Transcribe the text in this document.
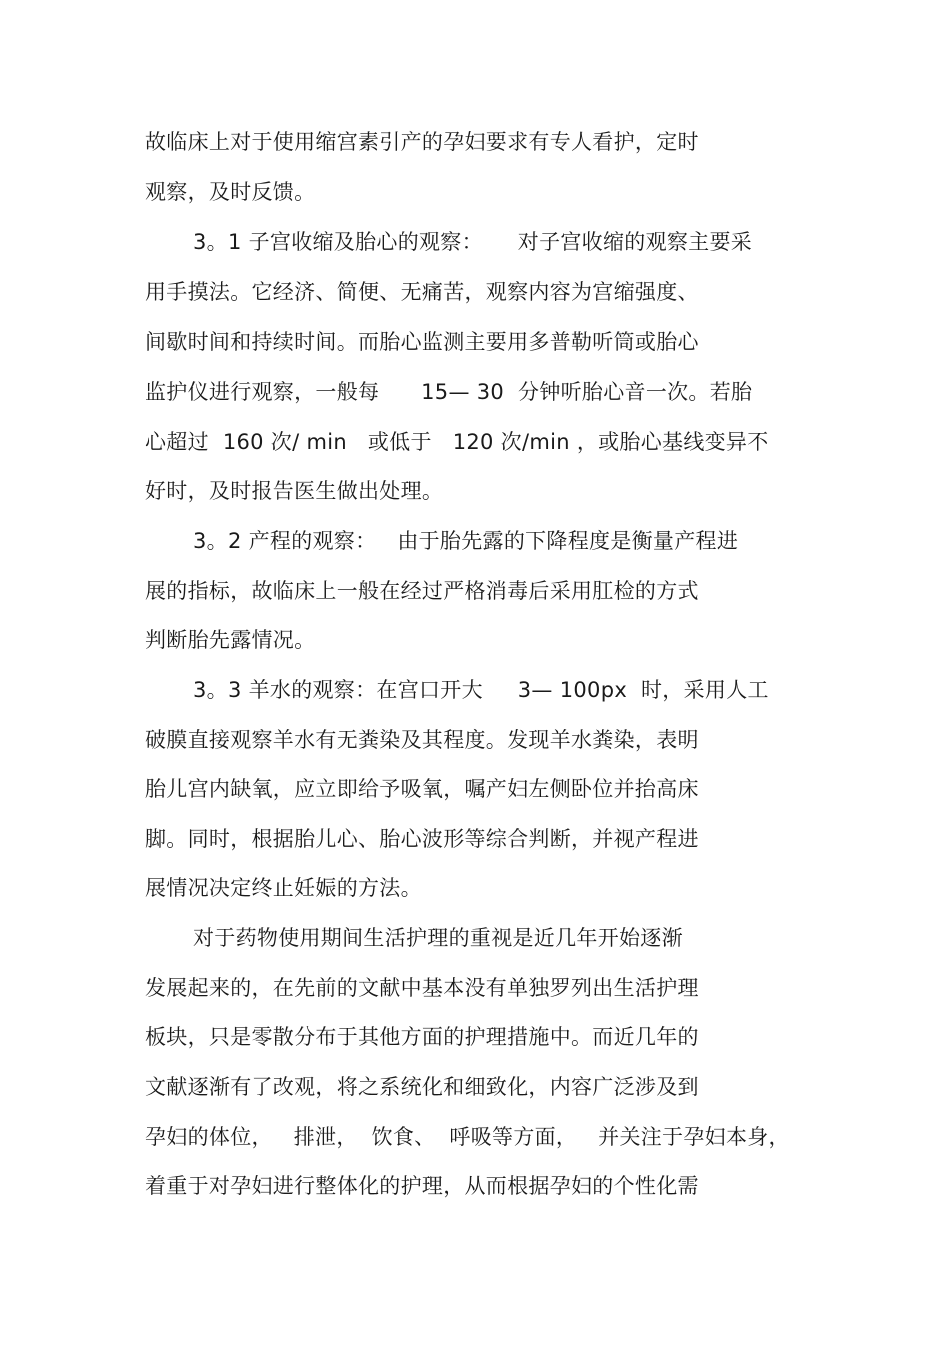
故临床上对于使用缩宫素引产的孕妇要求有专人看护，定时
观察，及时反馈。
3。1 子宫收缩及胎心的观察：     对子宫收缩的观察主要采
用手摸法。它经济、简便、无痛苦，观察内容为宫缩强度、
间歇时间和持续时间。而胎心监测主要用多普勒听筒或胎心
监护仪进行观察，一般每      15— 30  分钟听胎心音一次。若胎
心超过  160 次/ min   或低于   120 次/min ，或胎心基线变异不
好时，及时报告医生做出处理。
3。2 产程的观察：   由于胎先露的下降程度是衡量产程进
展的指标，故临床上一般在经过严格消毒后采用肛检的方式
判断胎先露情况。
3。3 羊水的观察：在宫口开大     3— 100px  时，采用人工
破膜直接观察羊水有无粪染及其程度。发现羊水粪染，表明
胎儿宫内缺氧，应立即给予吸氧，嘱产妇左侧卧位并抬高床
脚。同时，根据胎儿心、胎心波形等综合判断，并视产程进
展情况决定终止妊娠的方法。
对于药物使用期间生活护理的重视是近几年开始逐渐
发展起来的，在先前的文献中基本没有单独罗列出生活护理
板块，只是零散分布于其他方面的护理措施中。而近几年的
文献逐渐有了改观，将之系统化和细致化，内容广泛涉及到
孕妇的体位，   排泄，  饮食、  呼吸等方面，   并关注于孕妇本身，
着重于对孕妇进行整体化的护理，从而根据孕妇的个性化需
